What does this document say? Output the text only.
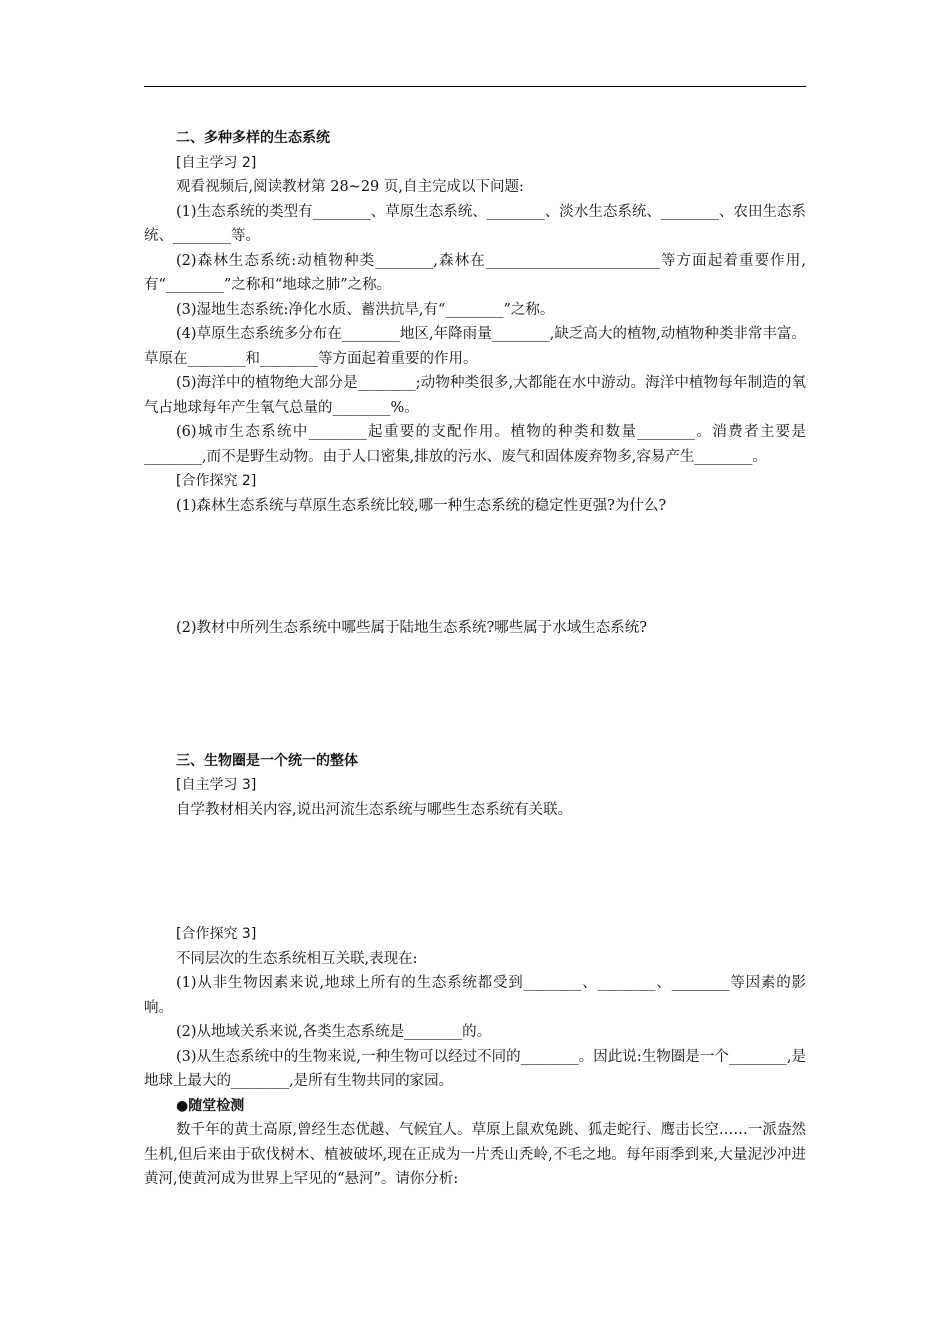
二、多种多样的生态系统

[自主学习 2]

观看视频后,阅读教材第 28~29 页,自主完成以下问题:

(1)生态系统的类型有________、草原生态系统、________、淡水生态系统、________、农田生态系统、________等。

(2)森林生态系统:动植物种类________,森林在________________________等方面起着重要作用,有“________”之称和“地球之肺”之称。

(3)湿地生态系统:净化水质、蓄洪抗旱,有“________”之称。

(4)草原生态系统多分布在________地区,年降雨量________,缺乏高大的植物,动植物种类非常丰富。草原在________和________等方面起着重要的作用。

(5)海洋中的植物绝大部分是________;动物种类很多,大都能在水中游动。海洋中植物每年制造的氧气占地球每年产生氧气总量的________%。

(6)城市生态系统中________起重要的支配作用。植物的种类和数量________。消费者主要是________,而不是野生动物。由于人口密集,排放的污水、废气和固体废弃物多,容易产生________。

[合作探究 2]

(1)森林生态系统与草原生态系统比较,哪一种生态系统的稳定性更强?为什么?

(2)教材中所列生态系统中哪些属于陆地生态系统?哪些属于水域生态系统?

三、生物圈是一个统一的整体

[自主学习 3]

自学教材相关内容,说出河流生态系统与哪些生态系统有关联。

[合作探究 3]

不同层次的生态系统相互关联,表现在:

(1)从非生物因素来说,地球上所有的生态系统都受到________、________、________等因素的影响。

(2)从地域关系来说,各类生态系统是________的。

(3)从生态系统中的生物来说,一种生物可以经过不同的________。因此说:生物圈是一个________,是地球上最大的________,是所有生物共同的家园。

●随堂检测

数千年的黄土高原,曾经生态优越、气候宜人。草原上鼠欢兔跳、狐走蛇行、鹰击长空……一派盎然生机,但后来由于砍伐树木、植被破坏,现在正成为一片秃山秃岭,不毛之地。每年雨季到来,大量泥沙冲进黄河,使黄河成为世界上罕见的“悬河”。请你分析:
